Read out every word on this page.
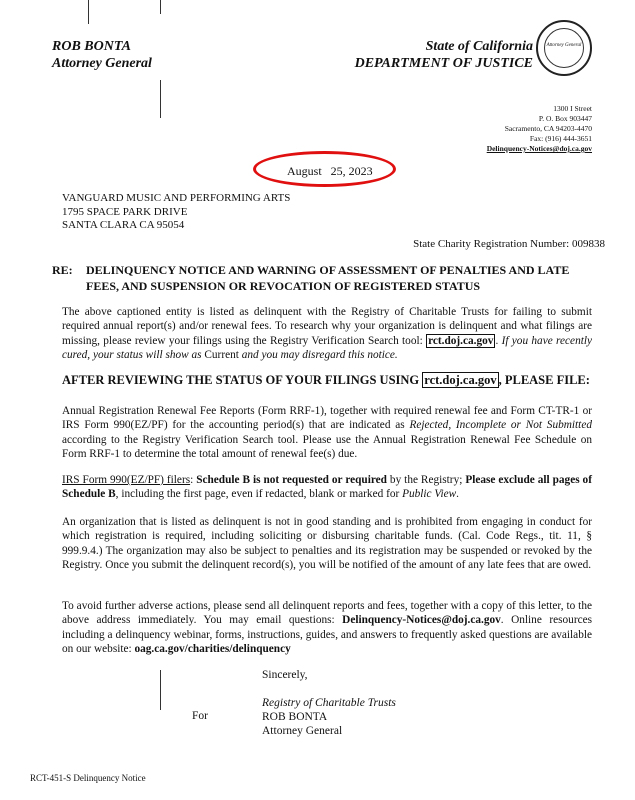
ROB BONTA
Attorney General
State of California
DEPARTMENT OF JUSTICE
Attorney General
1300 I Street
P. O. Box 903447
Sacramento, CA 94203-4470
Fax: (916) 444-3651
Delinquency-Notices@doj.ca.gov
August   25, 2023
VANGUARD MUSIC AND PERFORMING ARTS
1795 SPACE PARK DRIVE
SANTA CLARA CA 95054
State Charity Registration Number: 009838
RE: DELINQUENCY NOTICE AND WARNING OF ASSESSMENT OF PENALTIES AND LATE FEES, AND SUSPENSION OR REVOCATION OF REGISTERED STATUS
The above captioned entity is listed as delinquent with the Registry of Charitable Trusts for failing to submit required annual report(s) and/or renewal fees. To research why your organization is delinquent and what filings are missing, please review your filings using the Registry Verification Search tool: rct.doj.ca.gov . If you have recently cured, your status will show as Current and you may disregard this notice.
AFTER REVIEWING THE STATUS OF YOUR FILINGS USING rct.doj.ca.gov , PLEASE FILE:
Annual Registration Renewal Fee Reports (Form RRF-1), together with required renewal fee and Form CT-TR-1 or IRS Form 990(EZ/PF) for the accounting period(s) that are indicated as Rejected, Incomplete or Not Submitted according to the Registry Verification Search tool. Please use the Annual Registration Renewal Fee Schedule on Form RRF-1 to determine the total amount of renewal fee(s) due.
IRS Form 990(EZ/PF) filers: Schedule B is not requested or required by the Registry; Please exclude all pages of Schedule B, including the first page, even if redacted, blank or marked for Public View.
An organization that is listed as delinquent is not in good standing and is prohibited from engaging in conduct for which registration is required, including soliciting or disbursing charitable funds. (Cal. Code Regs., tit. 11, § 999.9.4.) The organization may also be subject to penalties and its registration may be suspended or revoked by the Registry. Once you submit the delinquent record(s), you will be notified of the amount of any late fees that are owed.
To avoid further adverse actions, please send all delinquent reports and fees, together with a copy of this letter, to the above address immediately. You may email questions: Delinquency-Notices@doj.ca.gov. Online resources including a delinquency webinar, forms, instructions, guides, and answers to frequently asked questions are available on our website: oag.ca.gov/charities/delinquency
Sincerely,
For
Registry of Charitable Trusts
ROB BONTA
Attorney General
RCT-451-S Delinquency Notice
